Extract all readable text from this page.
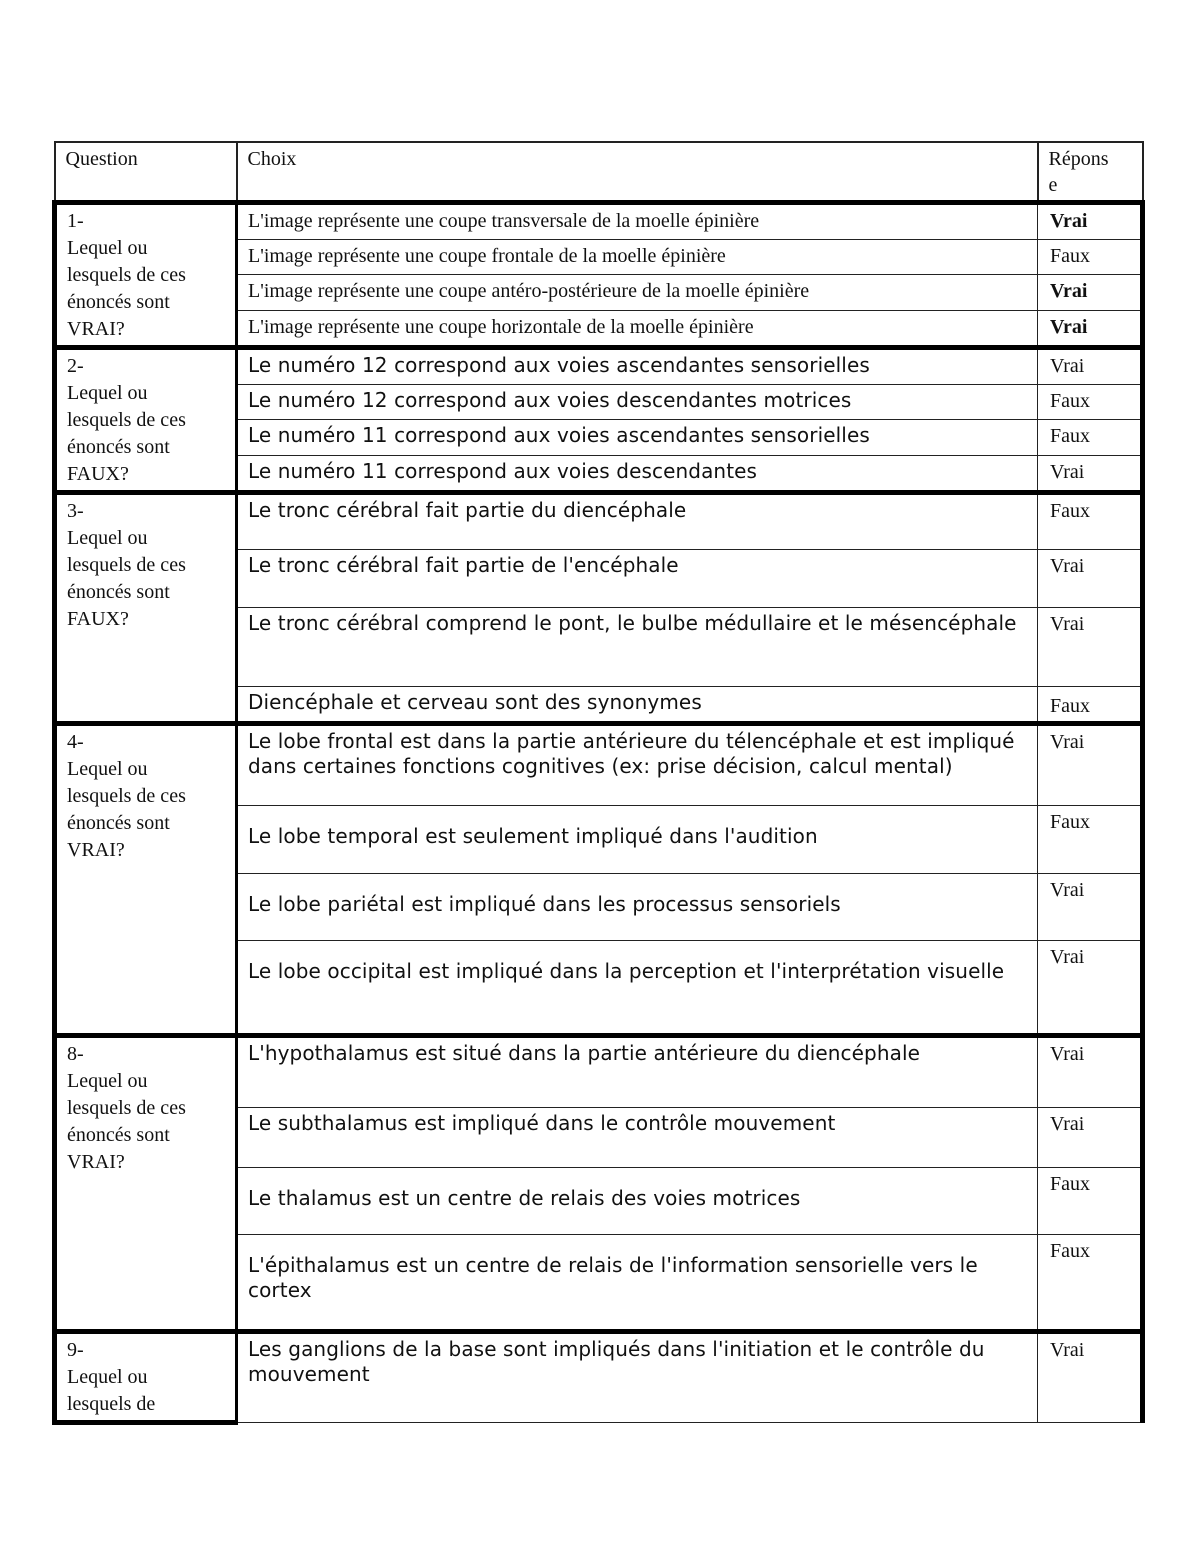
Question	Choix	Répons
e
1-Lequel ou lesquels de ces énoncés sont VRAI?	L'image représente une coupe transversale de la moelle épinière	Vrai
	L'image représente une coupe frontale de la moelle épinière	Faux
	L'image représente une coupe antéro-postérieure de la moelle épinière	Vrai
	L'image représente une coupe horizontale de la moelle épinière	Vrai
2-Lequel ou lesquels de ces énoncés sont FAUX?	Le numéro 12 correspond aux voies ascendantes sensorielles	Vrai
	Le numéro 12 correspond aux voies descendantes motrices	Faux
	Le numéro 11 correspond aux voies ascendantes sensorielles	Faux
	Le numéro 11 correspond aux voies descendantes	Vrai
3-Lequel ou lesquels de ces énoncés sont FAUX?	Le tronc cérébral fait partie du diencéphale	Faux
	Le tronc cérébral fait partie de l'encéphale	Vrai
	Le tronc cérébral comprend le pont, le bulbe médullaire et le mésencéphale	Vrai
	Diencéphale et cerveau sont des synonymes	Faux
4-Lequel ou lesquels de ces énoncés sont VRAI?	Le lobe frontal est dans la partie antérieure du télencéphale et est impliqué dans certaines fonctions cognitives (ex: prise décision, calcul mental)	Vrai
	Le lobe temporal est seulement impliqué dans l'audition	Faux
	Le lobe pariétal est impliqué dans les processus sensoriels	Vrai
	Le lobe occipital est impliqué dans la perception et l'interprétation visuelle	Vrai
8-Lequel ou lesquels de ces énoncés sont VRAI?	L'hypothalamus est situé dans la partie antérieure du diencéphale	Vrai
	Le subthalamus est impliqué dans le contrôle mouvement	Vrai
	Le thalamus est un centre de relais des voies motrices	Faux
	L'épithalamus est un centre de relais de l'information sensorielle vers le cortex	Faux
9-Lequel ou lesquels de	Les ganglions de la base sont impliqués dans l'initiation et le contrôle du mouvement	Vrai
